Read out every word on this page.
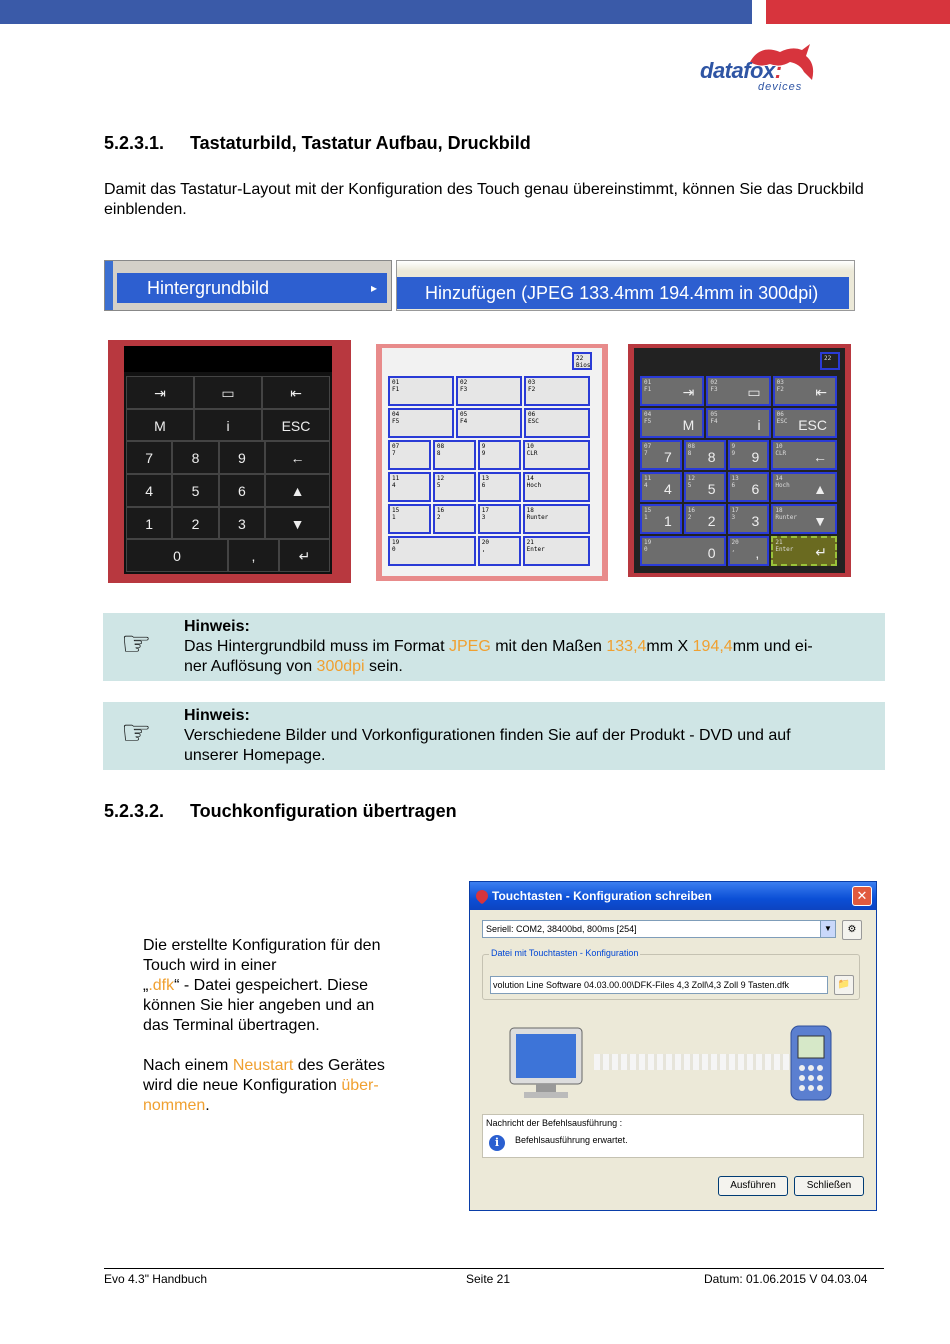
datafox:
devices
5.2.3.1. Tastaturbild, Tastatur Aufbau, Druckbild
Damit das Tastatur-Layout mit der Konfiguration des Touch genau übereinstimmt, können Sie das Druckbild einblenden.
Hintergrundbild	▸	Hinzufügen (JPEG 133.4mm 194.4mm in 300dpi)
⇥	▭	⇤
M	i	ESC
7	8	9	←
4	5	6	▲
1	2	3	▼
0	,	↵
01
F1
02
F3
03
F2
04
F5
05
F4
06
ESC
07
7
08
8
9
9
10
CLR
11
4
12
5
13
6
14
Hoch
15
1
16
2
17
3
18
Runter
19
0
20
,
21
Enter
22
Bios
01
F1 ⇥
02
F3 ▭
03
F2 ⇤
04
F5 M
05
F4	i
06
ESC ESC
07
7 7
08
8 8
9
9 9
10
CLR ←
11
4 4
12
5 5
13
6 6
14
Hoch ▲
15
1 1
16
2 2
17
3 3
18
Runter ▼
19
0	0
20
, ,
21
Enter ↵
22
☞ Hinweis:
Das Hintergrundbild muss im Format JPEG mit den Maßen 133,4mm X 194,4mm und ei-
ner Auflösung von 300dpi sein.
☞ Hinweis:
Verschiedene Bilder und Vorkonfigurationen finden Sie auf der Produkt - DVD und auf
unserer Homepage.
5.2.3.2. Touchkonfiguration übertragen
Die erstellte Konfiguration für den
Touch wird in einer
„.dfk“ - Datei gespeichert. Diese
können Sie hier angeben und an
das Terminal übertragen.
Nach einem Neustart des Gerätes
wird die neue Konfiguration über-
nommen.
Touchtasten - Konfiguration schreiben	✕
Seriell: COM2, 38400bd, 800ms [254]	▼	⚙
Datei mit Touchtasten - Konfiguration
volution Line Software 04.03.00.00\DFK-Files 4,3 Zoll\4,3 Zoll 9 Tasten.dfk	📁
Nachricht der Befehlsausführung :
i	Befehlsausführung erwartet.
Ausführen	Schließen
Evo 4.3" Handbuch	Seite 21	Datum: 01.06.2015 V 04.03.04
